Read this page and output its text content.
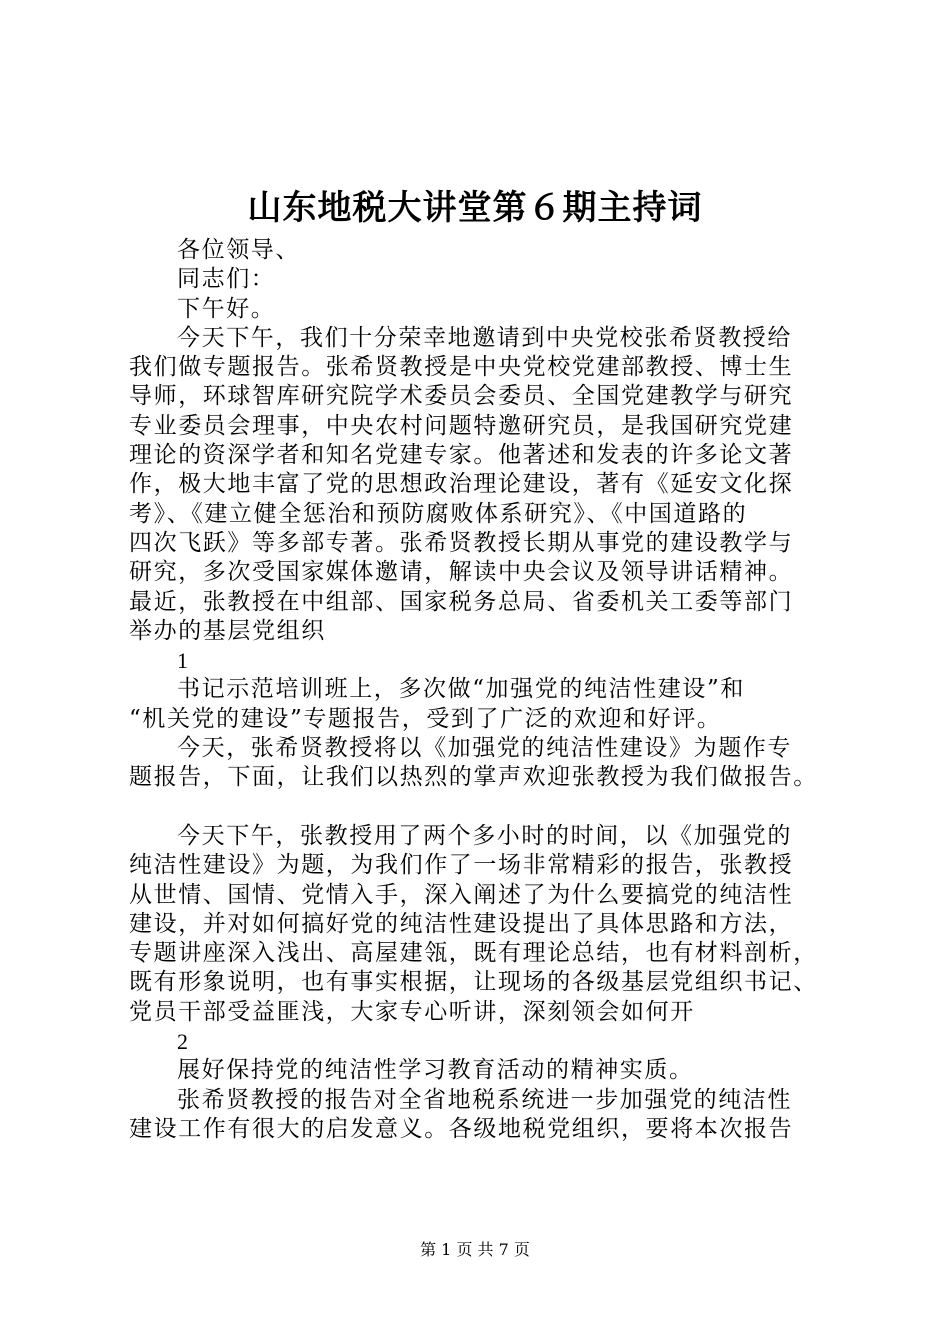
山东地税大讲堂第６期主持词
各位领导、
同志们：
下午好。
今天下午，我们十分荣幸地邀请到中央党校张希贤教授给
我们做专题报告。张希贤教授是中央党校党建部教授、博士生
导师，环球智库研究院学术委员会委员、全国党建教学与研究
专业委员会理事，中央农村问题特邀研究员，是我国研究党建
理论的资深学者和知名党建专家。他著述和发表的许多论文著
作，极大地丰富了党的思想政治理论建设，著有《延安文化探
考》、《建立健全惩治和预防腐败体系研究》、《中国道路的
四次飞跃》等多部专著。张希贤教授长期从事党的建设教学与
研究，多次受国家媒体邀请，解读中央会议及领导讲话精神。
最近，张教授在中组部、国家税务总局、省委机关工委等部门
举办的基层党组织
1
书记示范培训班上，多次做“加强党的纯洁性建设”和
“机关党的建设”专题报告，受到了广泛的欢迎和好评。
今天，张希贤教授将以《加强党的纯洁性建设》为题作专
题报告，下面，让我们以热烈的掌声欢迎张教授为我们做报告。
今天下午，张教授用了两个多小时的时间，以《加强党的
纯洁性建设》为题，为我们作了一场非常精彩的报告，张教授
从世情、国情、党情入手，深入阐述了为什么要搞党的纯洁性
建设，并对如何搞好党的纯洁性建设提出了具体思路和方法，
专题讲座深入浅出、高屋建瓴，既有理论总结，也有材料剖析，
既有形象说明，也有事实根据，让现场的各级基层党组织书记、
党员干部受益匪浅，大家专心听讲，深刻领会如何开
2
展好保持党的纯洁性学习教育活动的精神实质。
张希贤教授的报告对全省地税系统进一步加强党的纯洁性
建设工作有很大的启发意义。各级地税党组织，要将本次报告
第 1 页 共 7 页
